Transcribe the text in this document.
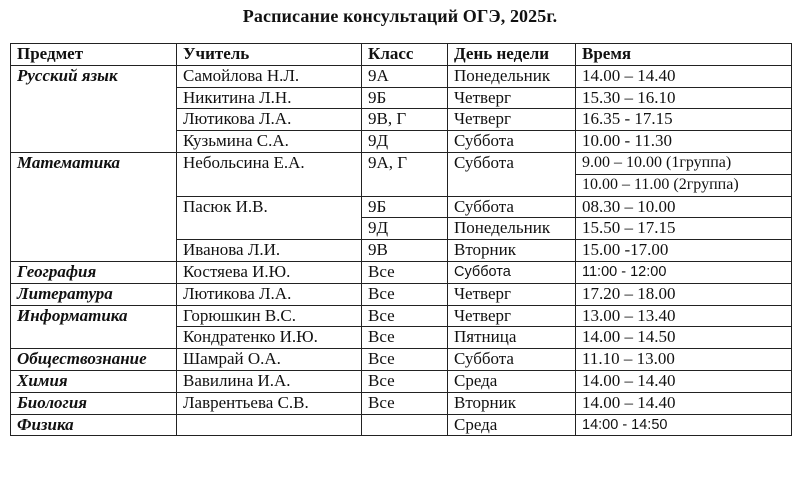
Расписание консультаций ОГЭ, 2025г.
Предмет	Учитель	Класс	День недели	Время
Русский язык	Самойлова Н.Л.	9А	Понедельник	14.00 – 14.40
	Никитина Л.Н.	9Б	Четверг	15.30 – 16.10
	Лютикова Л.А.	9В, Г	Четверг	16.35 - 17.15
	Кузьмина С.А.	9Д	Суббота	10.00 - 11.30
Математика	Небольсина Е.А.	9А, Г	Суббота	9.00 – 10.00 (1группа)
				10.00 – 11.00 (2группа)
	Пасюк И.В.	9Б	Суббота	08.30 – 10.00
		9Д	Понедельник	15.50 – 17.15
	Иванова Л.И.	9В	Вторник	15.00 -17.00
География	Костяева И.Ю.	Все	Суббота	11:00 - 12:00
Литература	Лютикова Л.А.	Все	Четверг	17.20 – 18.00
Информатика	Горюшкин В.С.	Все	Четверг	13.00 – 13.40
	Кондратенко И.Ю.	Все	Пятница	14.00 – 14.50
Обществознание	Шамрай О.А.	Все	Суббота	11.10 – 13.00
Химия	Вавилина И.А.	Все	Среда	14.00 – 14.40
Биология	Лаврентьева С.В.	Все	Вторник	14.00 – 14.40
Физика			Среда	14:00 - 14:50
